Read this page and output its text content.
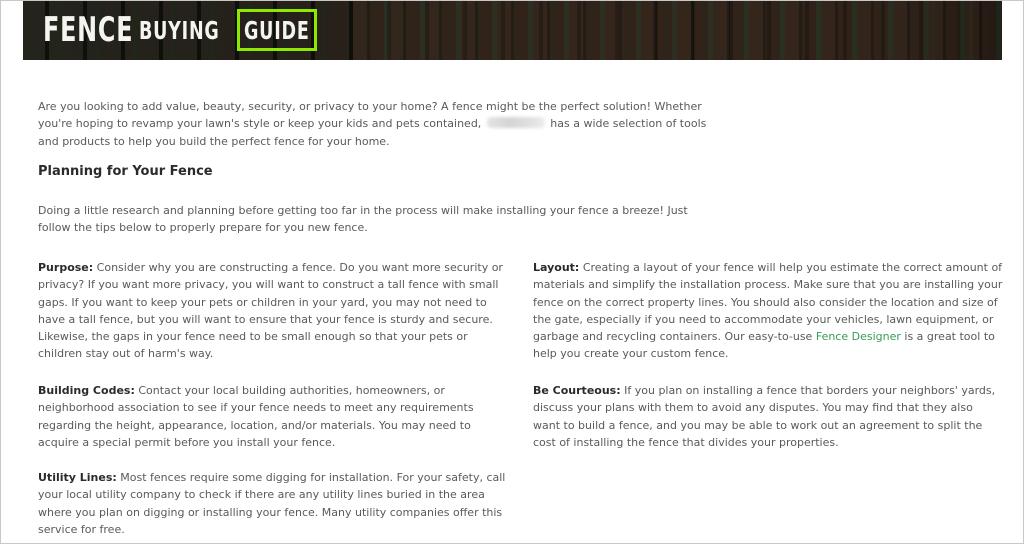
FENCE BUYING GUIDE

Are you looking to add value, beauty, security, or privacy to your home? A fence might be the perfect solution! Whether you're hoping to revamp your lawn's style or keep your kids and pets contained,	has a wide selection of tools and products to help you build the perfect fence for your home.

Planning for Your Fence

Doing a little research and planning before getting too far in the process will make installing your fence a breeze! Just follow the tips below to properly prepare for you new fence.

Purpose: Consider why you are constructing a fence. Do you want more security or privacy? If you want more privacy, you will want to construct a tall fence with small gaps. If you want to keep your pets or children in your yard, you may not need to have a tall fence, but you will want to ensure that your fence is sturdy and secure. Likewise, the gaps in your fence need to be small enough so that your pets or children stay out of harm's way.

Building Codes: Contact your local building authorities, homeowners, or neighborhood association to see if your fence needs to meet any requirements regarding the height, appearance, location, and/or materials. You may need to acquire a special permit before you install your fence.

Utility Lines: Most fences require some digging for installation. For your safety, call your local utility company to check if there are any utility lines buried in the area where you plan on digging or installing your fence. Many utility companies offer this service for free.

Layout: Creating a layout of your fence will help you estimate the correct amount of materials and simplify the installation process. Make sure that you are installing your fence on the correct property lines. You should also consider the location and size of the gate, especially if you need to accommodate your vehicles, lawn equipment, or garbage and recycling containers. Our easy-to-use Fence Designer is a great tool to help you create your custom fence.

Be Courteous: If you plan on installing a fence that borders your neighbors' yards, discuss your plans with them to avoid any disputes. You may find that they also want to build a fence, and you may be able to work out an agreement to split the cost of installing the fence that divides your properties.
